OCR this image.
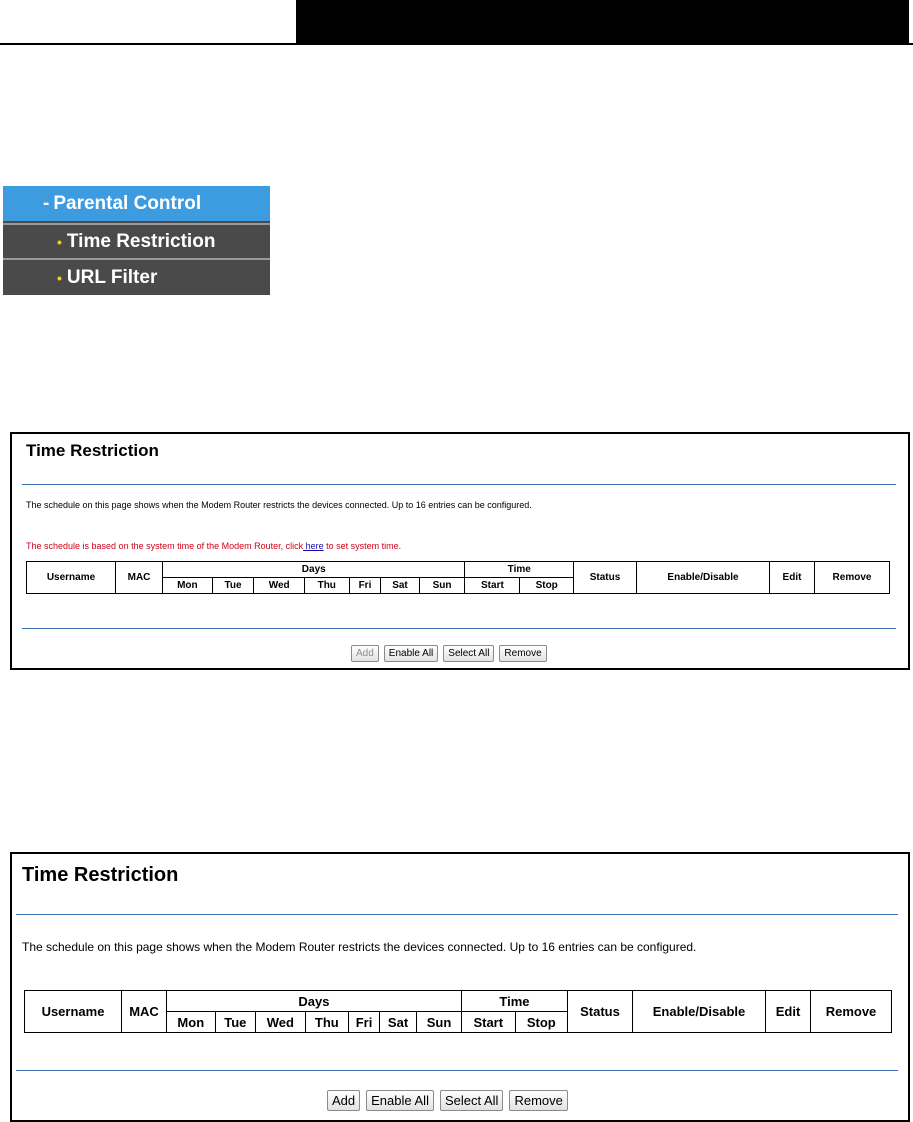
- Parental Control
• Time Restriction
• URL Filter
Time Restriction
The schedule on this page shows when the Modem Router restricts the devices connected. Up to 16 entries can be configured.
The schedule is based on the system time of the Modem Router, click here to set system time.
Username	MAC	Days							Time		Status	Enable/Disable	Edit	Remove
		Mon	Tue	Wed	Thu	Fri	Sat	Sun	Start	Stop				
Add	Enable All	Select All	Remove
Time Restriction
The schedule on this page shows when the Modem Router restricts the devices connected. Up to 16 entries can be configured.
Username	MAC	Days							Time		Status	Enable/Disable	Edit	Remove
		Mon	Tue	Wed	Thu	Fri	Sat	Sun	Start	Stop				
Add	Enable All	Select All	Remove
